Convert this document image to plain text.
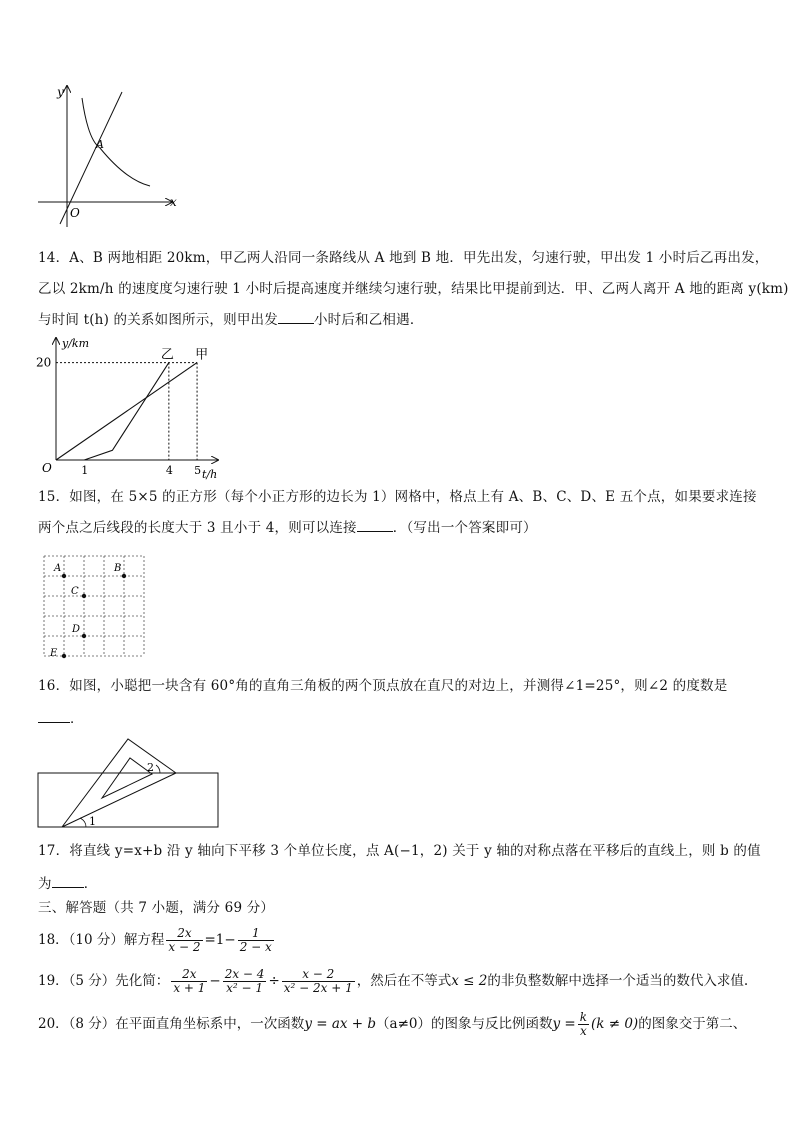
y
x
O
A

14．A、B 两地相距 20km，甲乙两人沿同一条路线从 A 地到 B 地．甲先出发，匀速行驶，甲出发 1 小时后乙再出发，

乙以 2km/h 的速度度匀速行驶 1 小时后提高速度并继续匀速行驶，结果比甲提前到达．甲、乙两人离开 A 地的距离 y(km)

与时间 t(h) 的关系如图所示，则甲出发	小时后和乙相遇．

y/km
t/h
O
20
1	4 5
乙 甲

15．如图，在 5×5 的正方形（每个小正方形的边长为 1）网格中，格点上有 A、B、C、D、E 五个点，如果要求连接

两个点之后线段的长度大于 3 且小于 4，则可以连接	．（写出一个答案即可）

A	B
C
D
E

16．如图，小聪把一块含有 60°角的直角三角板的两个顶点放在直尺的对边上，并测得∠1=25°，则∠2 的度数是

．

1
2

17．将直线 y=x+b 沿 y 轴向下平移 3 个单位长度，点 A(−1，2) 关于 y 轴的对称点落在平移后的直线上，则 b 的值

为 ．

三、解答题（共 7 小题，满分 69 分）

18．（10 分）解方程 $\frac{2x}{x - 2} =1- \frac{1}{2 - x}$
19．（5 分）先化简： $\frac{2x}{x + 1} - \frac{2x - 4}{\text{x² − 1}} \div \frac{x - 2}{\text{x² − 2x + 1}}$ ，然后在不等式x ≤ 2的非负整数解中选择一个适当的数代入求值.
20．（8 分）在平面直角坐标系中，一次函数y = ax + b（a≠0）的图象与反比例函数$y = \frac{k}{x} (k \ne 0)$的图象交于第二、
